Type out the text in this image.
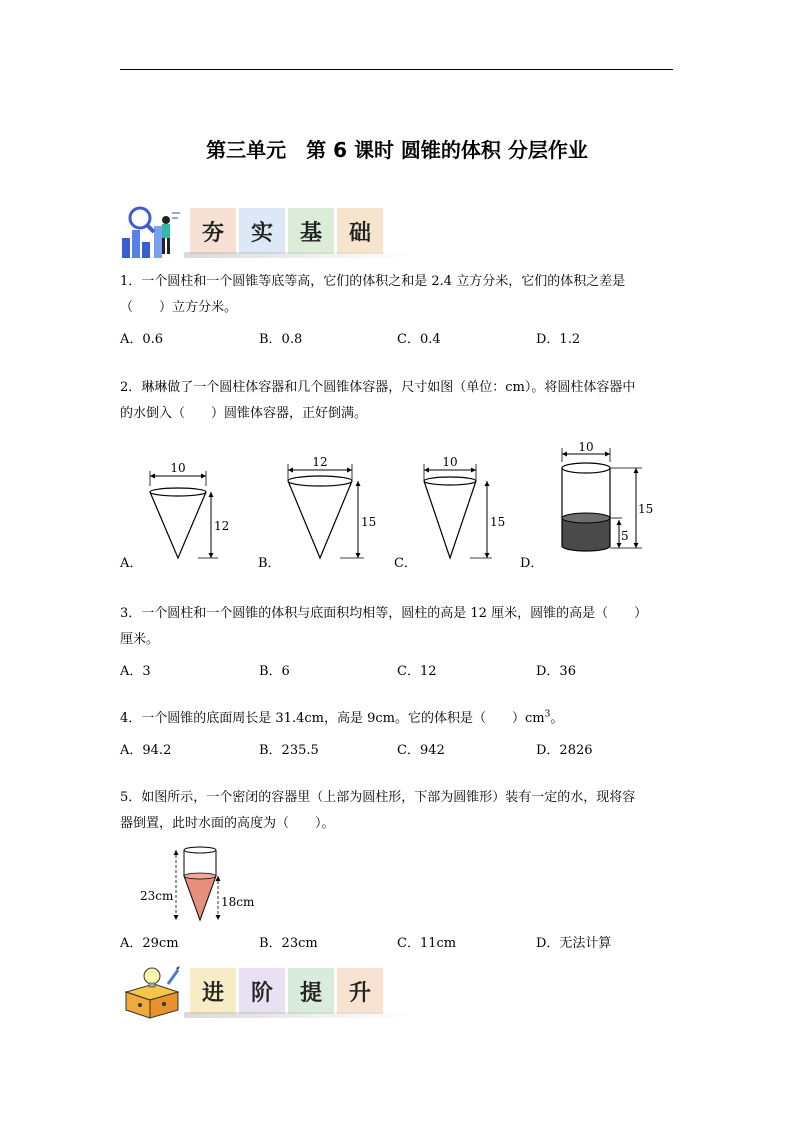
第三单元　第 6 课时 圆锥的体积 分层作业
夯	实	基	础
1．一个圆柱和一个圆锥等底等高，它们的体积之和是 2.4 立方分米，它们的体积之差是
（　　）立方分米。
A．0.6	B．0.8	C．0.4	D．1.2
2．琳琳做了一个圆柱体容器和几个圆锥体容器，尺寸如图（单位：cm）。将圆柱体容器中
的水倒入（　　）圆锥体容器，正好倒满。
10
12
A．
12
15
B．
10
15
C．
10
15
5
D．
3．一个圆柱和一个圆锥的体积与底面积均相等，圆柱的高是 12 厘米，圆锥的高是（　　）
厘米。
A．3	B．6	C．12	D．36
4．一个圆锥的底面周长是 31.4cm，高是 9cm。它的体积是（　　）$cm^3$。
A．94.2	B．235.5	C．942	D．2826
5．如图所示，一个密闭的容器里（上部为圆柱形，下部为圆锥形）装有一定的水，现将容
器倒置，此时水面的高度为（　　）。
23cm	18cm
A．29cm	B．23cm	C．11cm	D．无法计算
进	阶	提	升
